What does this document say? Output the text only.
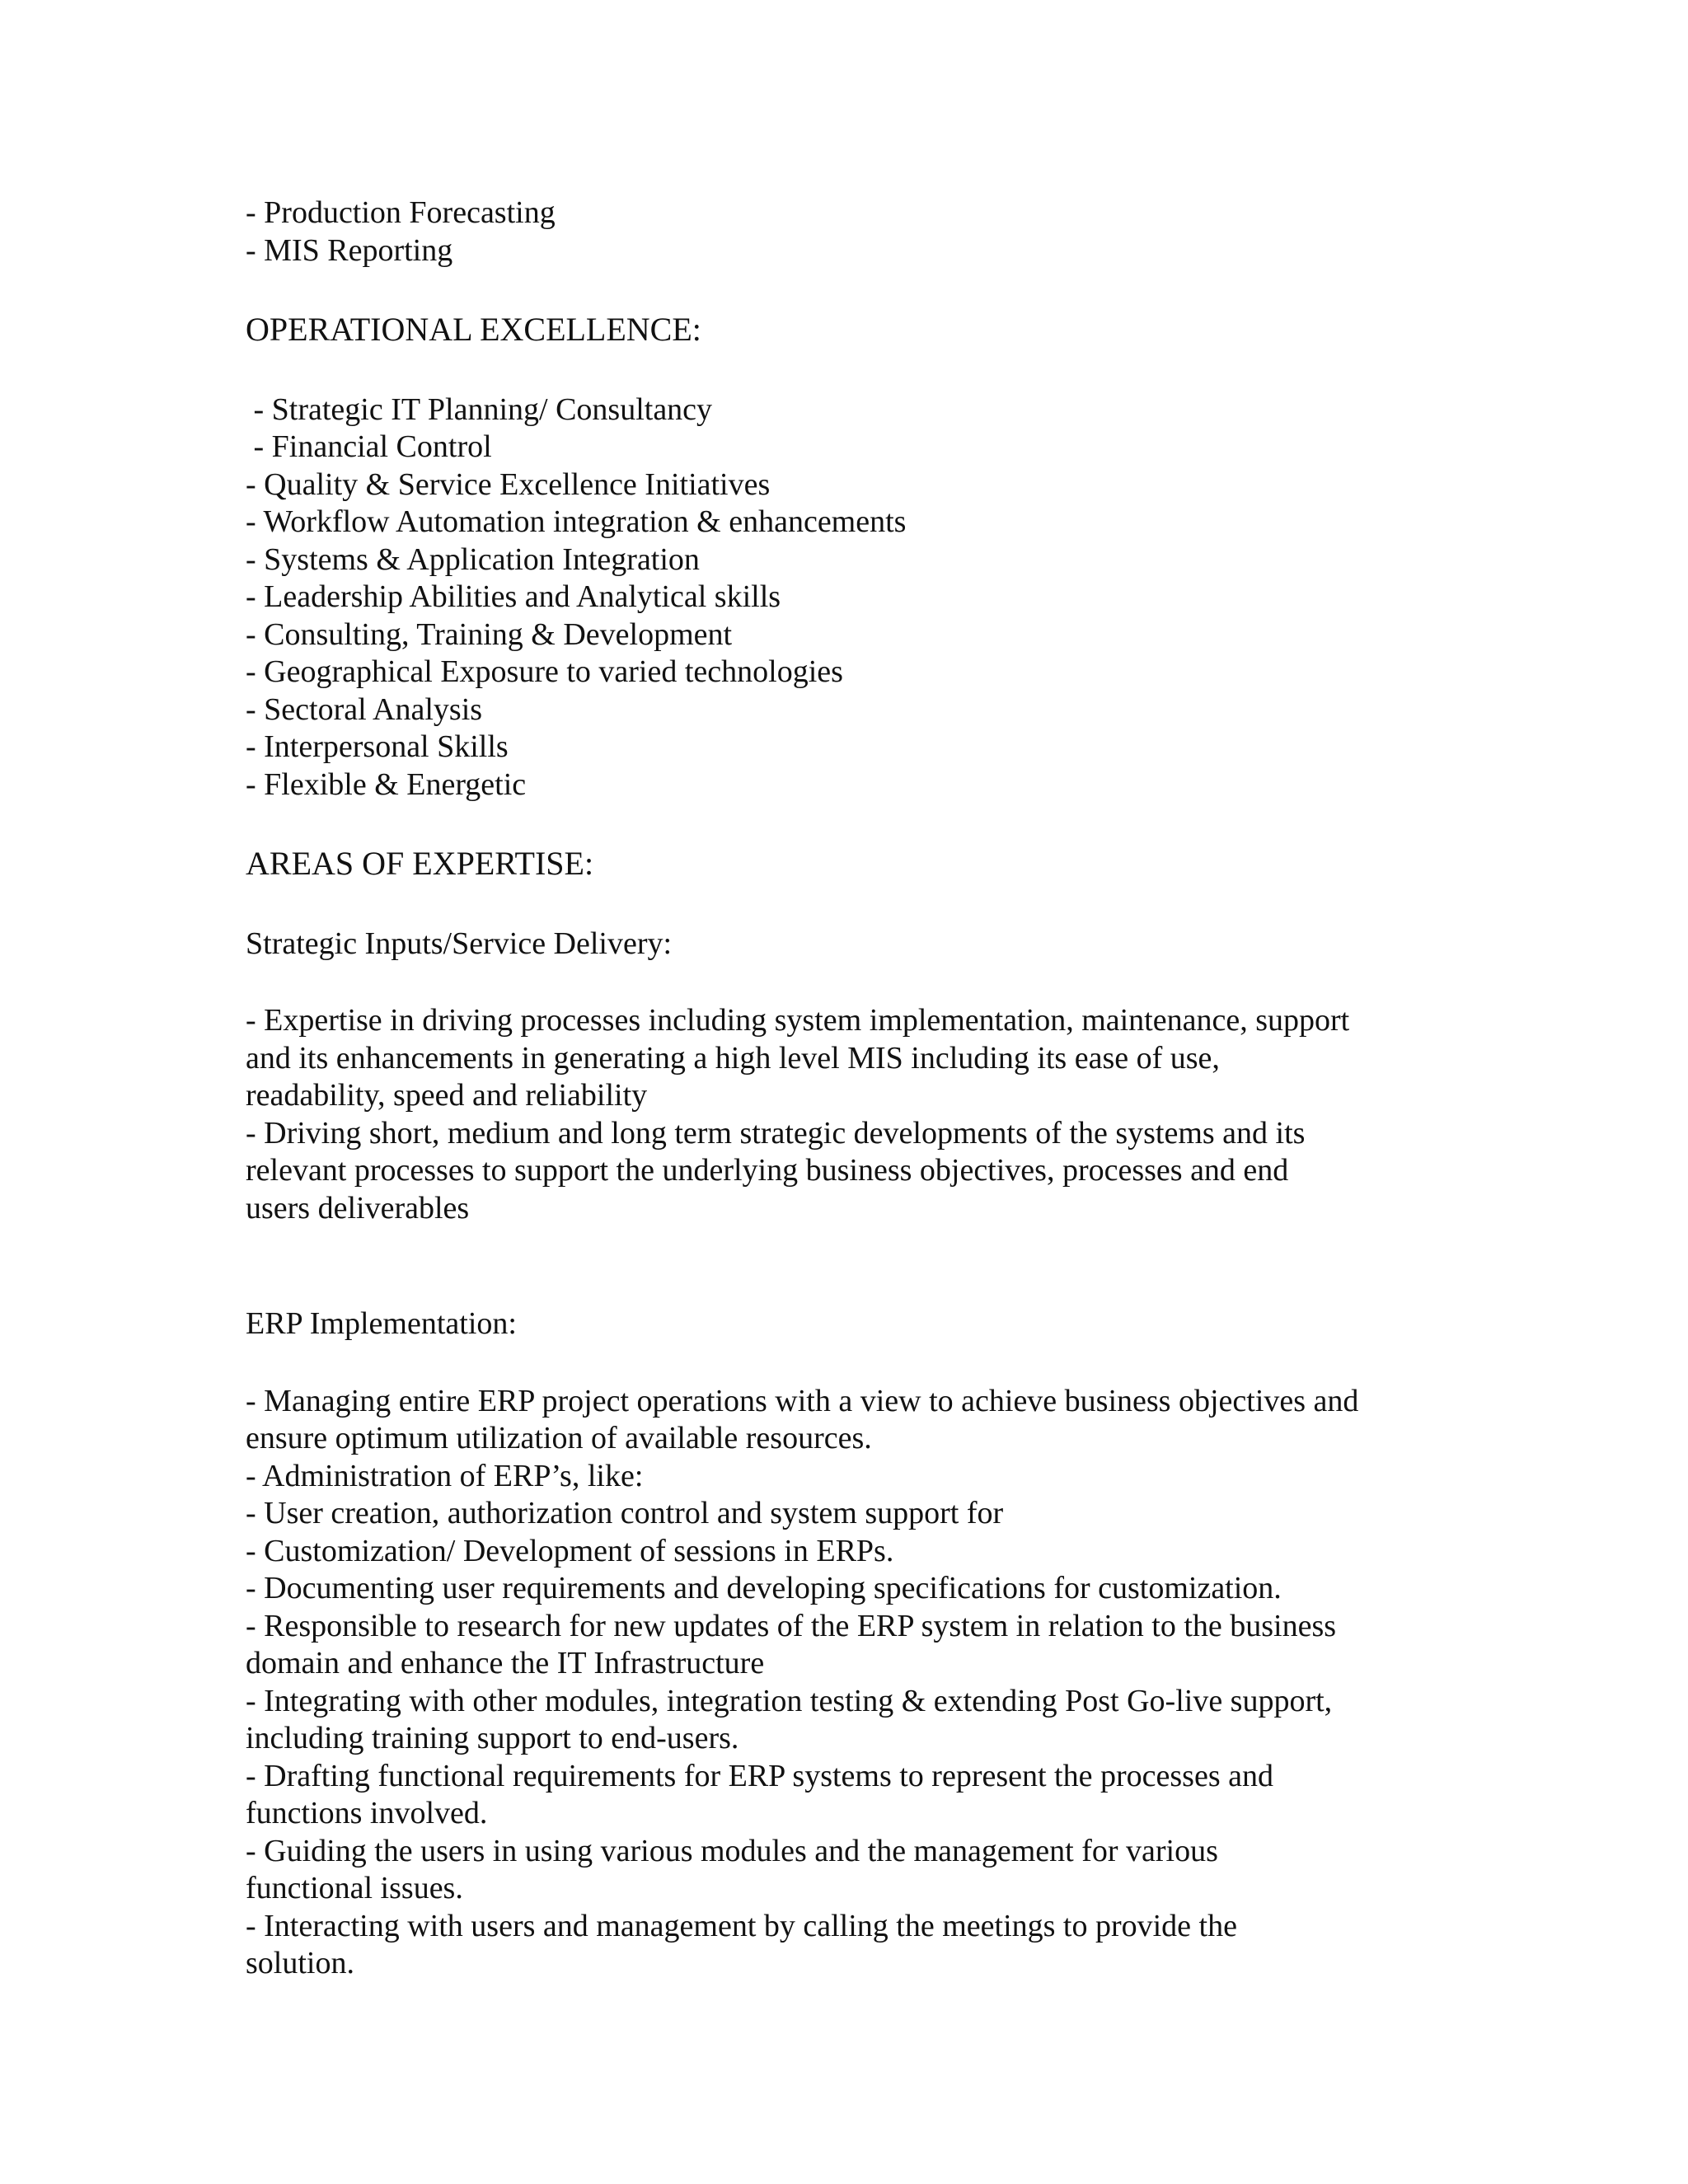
- Production Forecasting
- MIS Reporting
OPERATIONAL EXCELLENCE:
- Strategic IT Planning/ Consultancy
- Financial Control
- Quality & Service Excellence Initiatives
- Workflow Automation integration & enhancements
- Systems & Application Integration
- Leadership Abilities and Analytical skills
- Consulting, Training & Development
- Geographical Exposure to varied technologies
- Sectoral Analysis
- Interpersonal Skills
- Flexible & Energetic
AREAS OF EXPERTISE:
Strategic Inputs/Service Delivery:
- Expertise in driving processes including system implementation, maintenance, support
and its enhancements in generating a high level MIS including its ease of use,
readability, speed and reliability
- Driving short, medium and long term strategic developments of the systems and its
relevant processes to support the underlying business objectives, processes and end
users deliverables
ERP Implementation:
- Managing entire ERP project operations with a view to achieve business objectives and
ensure optimum utilization of available resources.
- Administration of ERP’s, like:
- User creation, authorization control and system support for
- Customization/ Development of sessions in ERPs.
- Documenting user requirements and developing specifications for customization.
- Responsible to research for new updates of the ERP system in relation to the business
domain and enhance the IT Infrastructure
- Integrating with other modules, integration testing & extending Post Go-live support,
including training support to end-users.
- Drafting functional requirements for ERP systems to represent the processes and
functions involved.
- Guiding the users in using various modules and the management for various
functional issues.
- Interacting with users and management by calling the meetings to provide the
solution.
